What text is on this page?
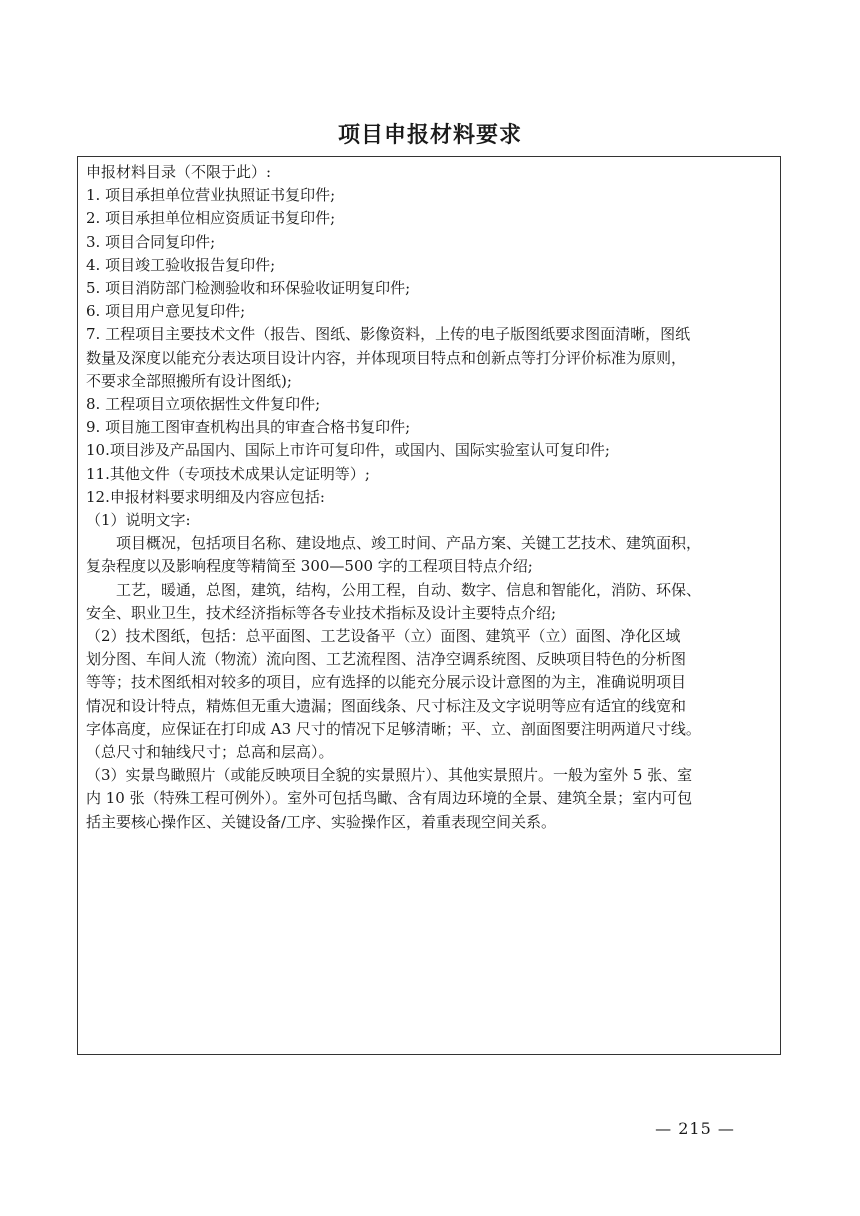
项目申报材料要求
申报材料目录（不限于此）:
1. 项目承担单位营业执照证书复印件;
2. 项目承担单位相应资质证书复印件;
3. 项目合同复印件;
4. 项目竣工验收报告复印件;
5. 项目消防部门检测验收和环保验收证明复印件;
6. 项目用户意见复印件;
7. 工程项目主要技术文件（报告、图纸、影像资料，上传的电子版图纸要求图面清晰，图纸
数量及深度以能充分表达项目设计内容，并体现项目特点和创新点等打分评价标准为原则，
不要求全部照搬所有设计图纸);
8. 工程项目立项依据性文件复印件;
9. 项目施工图审查机构出具的审查合格书复印件;
10.项目涉及产品国内、国际上市许可复印件，或国内、国际实验室认可复印件;
11.其他文件（专项技术成果认定证明等）;
12.申报材料要求明细及内容应包括:
（1）说明文字:
项目概况，包括项目名称、建设地点、竣工时间、产品方案、关键工艺技术、建筑面积，
复杂程度以及影响程度等精简至 300—500 字的工程项目特点介绍;
工艺，暖通，总图，建筑，结构，公用工程，自动、数字、信息和智能化，消防、环保、
安全、职业卫生，技术经济指标等各专业技术指标及设计主要特点介绍;
（2）技术图纸，包括：总平面图、工艺设备平（立）面图、建筑平（立）面图、净化区域
划分图、车间人流（物流）流向图、工艺流程图、洁净空调系统图、反映项目特色的分析图
等等；技术图纸相对较多的项目，应有选择的以能充分展示设计意图的为主，准确说明项目
情况和设计特点，精炼但无重大遗漏；图面线条、尺寸标注及文字说明等应有适宜的线宽和
字体高度，应保证在打印成 A3 尺寸的情况下足够清晰；平、立、剖面图要注明两道尺寸线。
（总尺寸和轴线尺寸；总高和层高）。
（3）实景鸟瞰照片（或能反映项目全貌的实景照片）、其他实景照片。一般为室外 5 张、室
内 10 张（特殊工程可例外）。室外可包括鸟瞰、含有周边环境的全景、建筑全景；室内可包
括主要核心操作区、关键设备/工序、实验操作区，着重表现空间关系。
— 215 —
